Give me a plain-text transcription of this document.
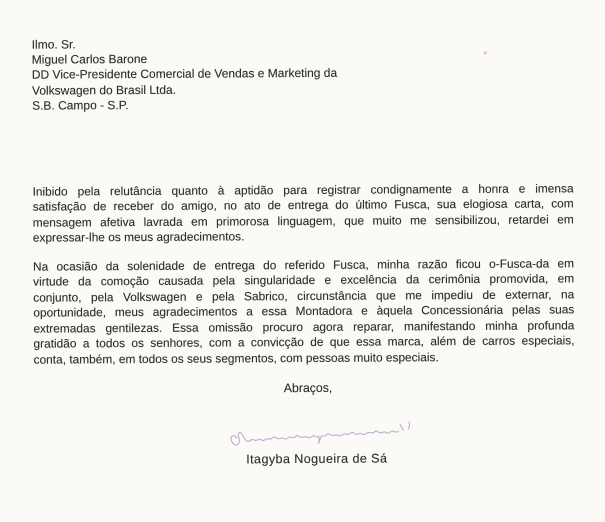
Ilmo. Sr.
Miguel Carlos Barone
DD Vice-Presidente Comercial de Vendas e Marketing da
Volkswagen do Brasil Ltda.
S.B. Campo - S.P.
Inibido pela relutância quanto à aptidão para registrar condignamente a honra e imensa
satisfação de receber do amigo, no ato de entrega do último Fusca, sua elogiosa carta, com
mensagem afetiva lavrada em primorosa linguagem, que muito me sensibilizou, retardei em
expressar-lhe os meus agradecimentos.
Na ocasião da solenidade de entrega do referido Fusca, minha razão ficou o-Fusca-da em
virtude da comoção causada pela singularidade e excelência da cerimônia promovida, em
conjunto, pela Volkswagen e pela Sabrico, circunstância que me impediu de externar, na
oportunidade, meus agradecimentos a essa Montadora e àquela Concessionária pelas suas
extremadas gentilezas. Essa omissão procuro agora reparar, manifestando minha profunda
gratidão a todos os senhores, com a convicção de que essa marca, além de carros especiais,
conta, também, em todos os seus segmentos, com pessoas muito especiais.
Abraços,
Itagyba Nogueira de Sá
